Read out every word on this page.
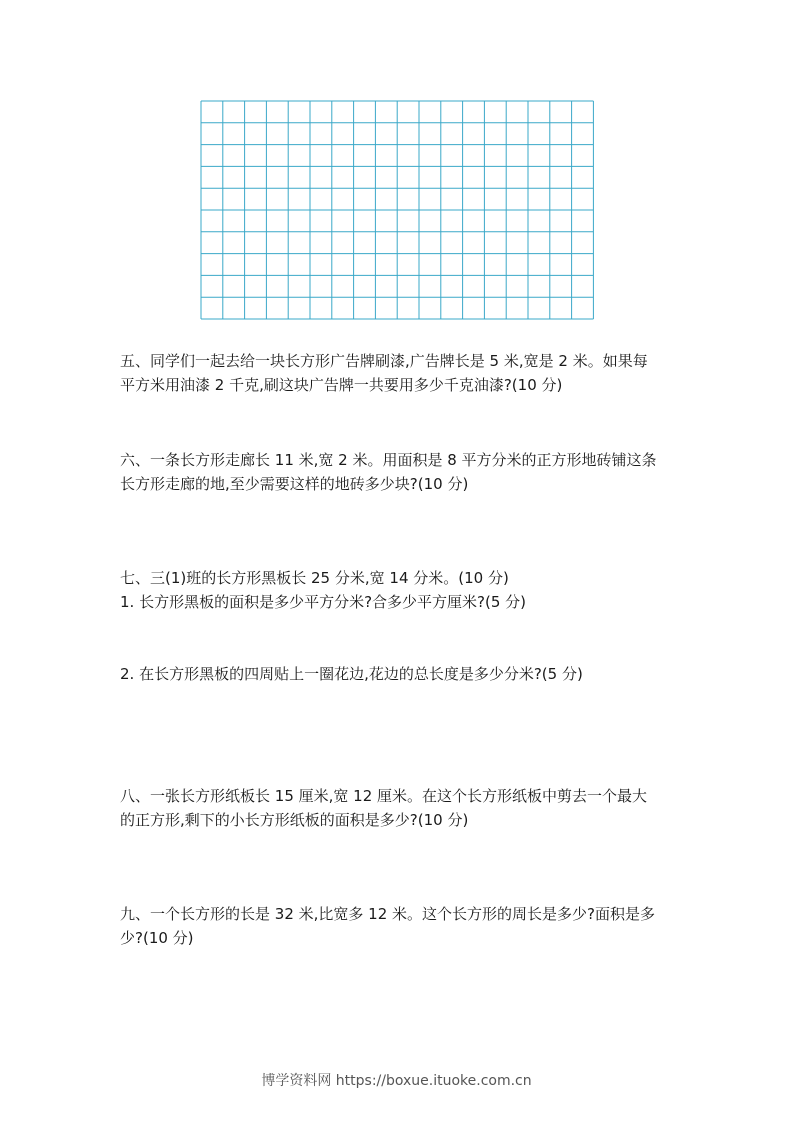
五、同学们一起去给一块长方形广告牌刷漆,广告牌长是 5 米,宽是 2 米。如果每

平方米用油漆 2 千克,刷这块广告牌一共要用多少千克油漆?(10 分)

六、一条长方形走廊长 11 米,宽 2 米。用面积是 8 平方分米的正方形地砖铺这条

长方形走廊的地,至少需要这样的地砖多少块?(10 分)

七、三(1)班的长方形黑板长 25 分米,宽 14 分米。(10 分)

1. 长方形黑板的面积是多少平方分米?合多少平方厘米?(5 分)

2. 在长方形黑板的四周贴上一圈花边,花边的总长度是多少分米?(5 分)

八、一张长方形纸板长 15 厘米,宽 12 厘米。在这个长方形纸板中剪去一个最大

的正方形,剩下的小长方形纸板的面积是多少?(10 分)

九、一个长方形的长是 32 米,比宽多 12 米。这个长方形的周长是多少?面积是多

少?(10 分)

博学资料网 https://boxue.ituoke.com.cn
